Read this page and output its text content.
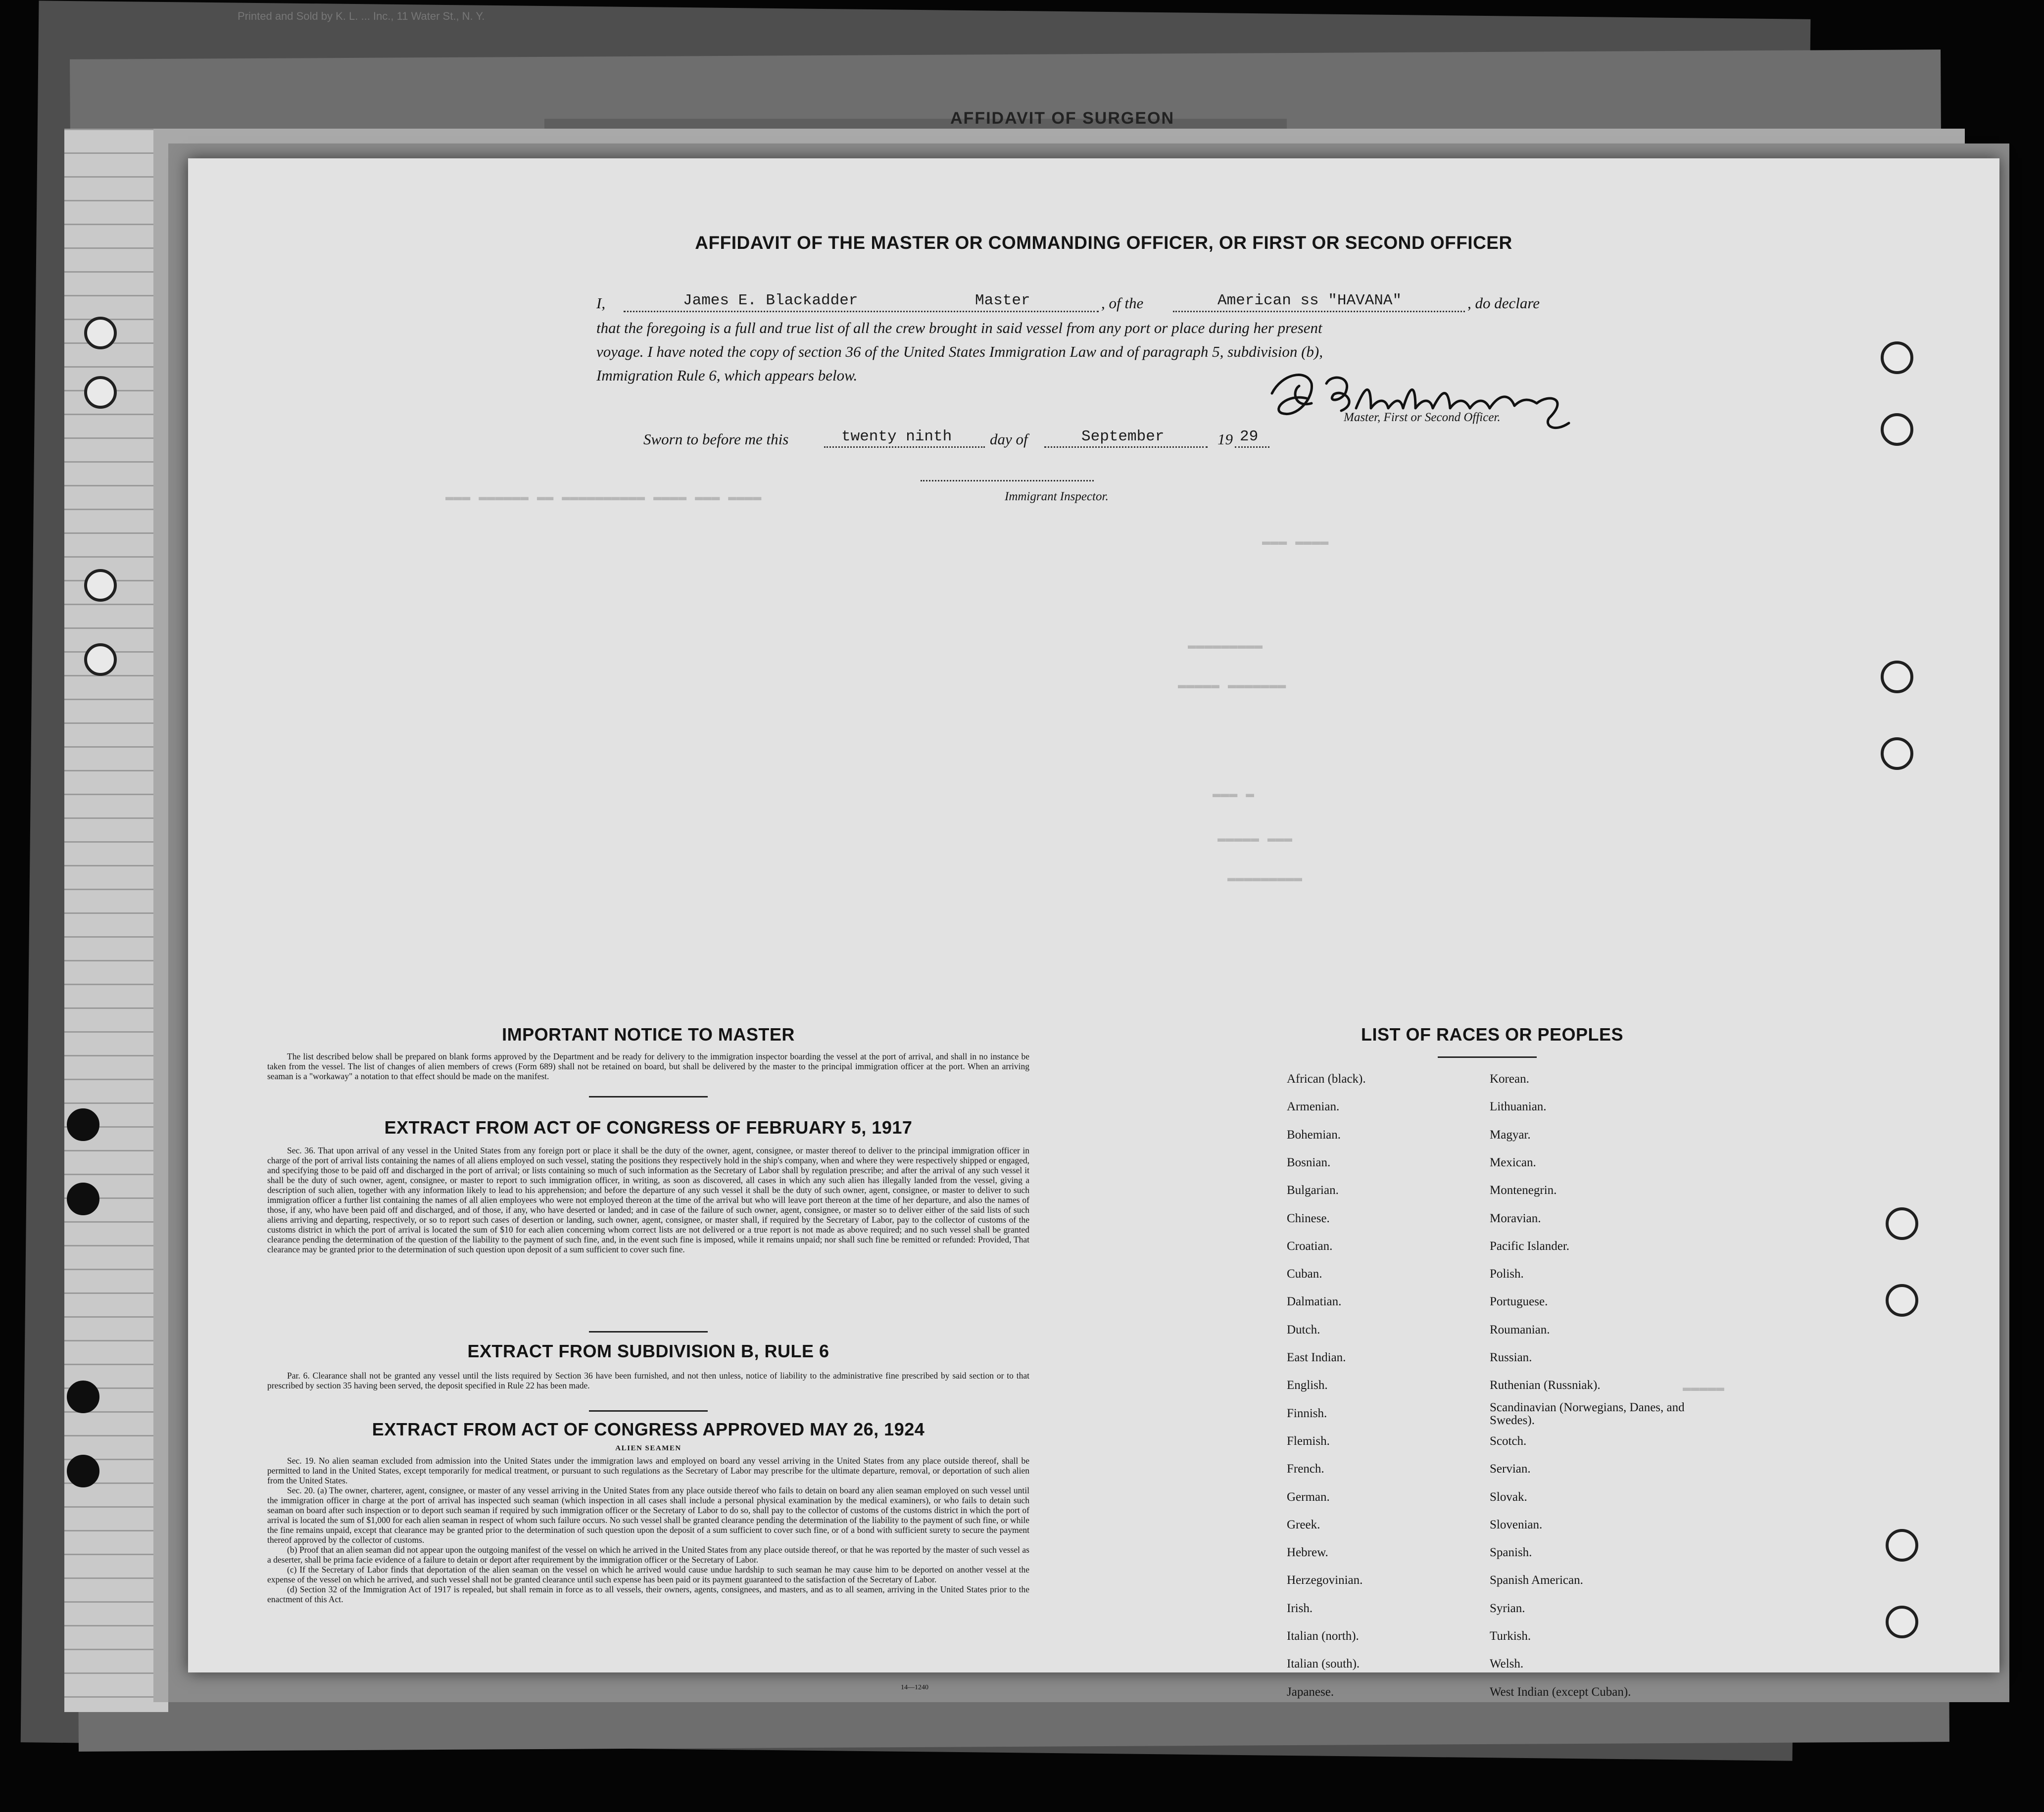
Printed and Sold by K. L. ... Inc., 11 Water St., N. Y.
AFFIDAVIT OF SURGEON
▬▬▬ ▬▬▬▬▬▬ ▬▬ ▬▬▬▬▬▬▬▬▬▬ ▬▬▬▬ ▬▬▬ ▬▬▬▬
▬▬▬ ▬▬▬▬
▬▬▬▬▬▬▬▬▬
▬▬▬▬▬ ▬▬▬▬▬▬▬
▬▬▬ ▬
▬▬▬▬▬ ▬▬▬
▬▬▬▬▬▬▬▬▬
▬▬▬▬▬
AFFIDAVIT OF THE MASTER OR COMMANDING OFFICER, OR FIRST OR SECOND OFFICER
I,	James E. Blackadder	Master	, of the	American ss "HAVANA"	, do declare
that the foregoing is a full and true list of all the crew brought in said vessel from any port or place during her present
voyage. I have noted the copy of section 36 of the United States Immigration Law and of paragraph 5, subdivision (b),
Immigration Rule 6, which appears below.
Master, First or Second Officer.
Sworn to before me this	twenty ninth day of	September	19 29
Immigrant Inspector.
IMPORTANT NOTICE TO MASTER
The list described below shall be prepared on blank forms approved by the Department and be ready for delivery to the immigration inspector boarding the vessel at the port of arrival, and shall in no instance be taken from the vessel. The list of changes of alien members of crews (Form 689) shall not be retained on board, but shall be delivered by the master to the principal immigration officer at the port. When an arriving seaman is a "workaway" a notation to that effect should be made on the manifest.
EXTRACT FROM ACT OF CONGRESS OF FEBRUARY 5, 1917
Sec. 36. That upon arrival of any vessel in the United States from any foreign port or place it shall be the duty of the owner, agent, consignee, or master thereof to deliver to the principal immigration officer in charge of the port of arrival lists containing the names of all aliens employed on such vessel, stating the positions they respectively hold in the ship's company, when and where they were respectively shipped or engaged, and specifying those to be paid off and discharged in the port of arrival; or lists containing so much of such information as the Secretary of Labor shall by regulation prescribe; and after the arrival of any such vessel it shall be the duty of such owner, agent, consignee, or master to report to such immigration officer, in writing, as soon as discovered, all cases in which any such alien has illegally landed from the vessel, giving a description of such alien, together with any information likely to lead to his apprehension; and before the departure of any such vessel it shall be the duty of such owner, agent, consignee, or master to deliver to such immigration officer a further list containing the names of all alien employees who were not employed thereon at the time of the arrival but who will leave port thereon at the time of her departure, and also the names of those, if any, who have been paid off and discharged, and of those, if any, who have deserted or landed; and in case of the failure of such owner, agent, consignee, or master so to deliver either of the said lists of such aliens arriving and departing, respectively, or so to report such cases of desertion or landing, such owner, agent, consignee, or master shall, if required by the Secretary of Labor, pay to the collector of customs of the customs district in which the port of arrival is located the sum of $10 for each alien concerning whom correct lists are not delivered or a true report is not made as above required; and no such vessel shall be granted clearance pending the determination of the question of the liability to the payment of such fine, and, in the event such fine is imposed, while it remains unpaid; nor shall such fine be remitted or refunded: Provided, That clearance may be granted prior to the determination of such question upon deposit of a sum sufficient to cover such fine.
EXTRACT FROM SUBDIVISION B, RULE 6
Par. 6. Clearance shall not be granted any vessel until the lists required by Section 36 have been furnished, and not then unless, notice of liability to the administrative fine prescribed by said section or to that prescribed by section 35 having been served, the deposit specified in Rule 22 has been made.
EXTRACT FROM ACT OF CONGRESS APPROVED MAY 26, 1924
ALIEN SEAMEN
Sec. 19. No alien seaman excluded from admission into the United States under the immigration laws and employed on board any vessel arriving in the United States from any place outside thereof, shall be permitted to land in the United States, except temporarily for medical treatment, or pursuant to such regulations as the Secretary of Labor may prescribe for the ultimate departure, removal, or deportation of such alien from the United States.
Sec. 20. (a) The owner, charterer, agent, consignee, or master of any vessel arriving in the United States from any place outside thereof who fails to detain on board any alien seaman employed on such vessel until the immigration officer in charge at the port of arrival has inspected such seaman (which inspection in all cases shall include a personal physical examination by the medical examiners), or who fails to detain such seaman on board after such inspection or to deport such seaman if required by such immigration officer or the Secretary of Labor to do so, shall pay to the collector of customs of the customs district in which the port of arrival is located the sum of $1,000 for each alien seaman in respect of whom such failure occurs. No such vessel shall be granted clearance pending the determination of the liability to the payment of such fine, or while the fine remains unpaid, except that clearance may be granted prior to the determination of such question upon the deposit of a sum sufficient to cover such fine, or of a bond with sufficient surety to secure the payment thereof approved by the collector of customs.
(b) Proof that an alien seaman did not appear upon the outgoing manifest of the vessel on which he arrived in the United States from any place outside thereof, or that he was reported by the master of such vessel as a deserter, shall be prima facie evidence of a failure to detain or deport after requirement by the immigration officer or the Secretary of Labor.
(c) If the Secretary of Labor finds that deportation of the alien seaman on the vessel on which he arrived would cause undue hardship to such seaman he may cause him to be deported on another vessel at the expense of the vessel on which he arrived, and such vessel shall not be granted clearance until such expense has been paid or its payment guaranteed to the satisfaction of the Secretary of Labor.
(d) Section 32 of the Immigration Act of 1917 is repealed, but shall remain in force as to all vessels, their owners, agents, consignees, and masters, and as to all seamen, arriving in the United States prior to the enactment of this Act.
14—1240
LIST OF RACES OR PEOPLES
African (black).
Armenian.
Bohemian.
Bosnian.
Bulgarian.
Chinese.
Croatian.
Cuban.
Dalmatian.
Dutch.
East Indian.
English.
Finnish.
Flemish.
French.
German.
Greek.
Hebrew.
Herzegovinian.
Irish.
Italian (north).
Italian (south).
Japanese.
Korean.
Lithuanian.
Magyar.
Mexican.
Montenegrin.
Moravian.
Pacific Islander.
Polish.
Portuguese.
Roumanian.
Russian.
Ruthenian (Russniak).
Scandinavian (Norwegians, Danes, and Swedes).
Scotch.
Servian.
Slovak.
Slovenian.
Spanish.
Spanish American.
Syrian.
Turkish.
Welsh.
West Indian (except Cuban).
